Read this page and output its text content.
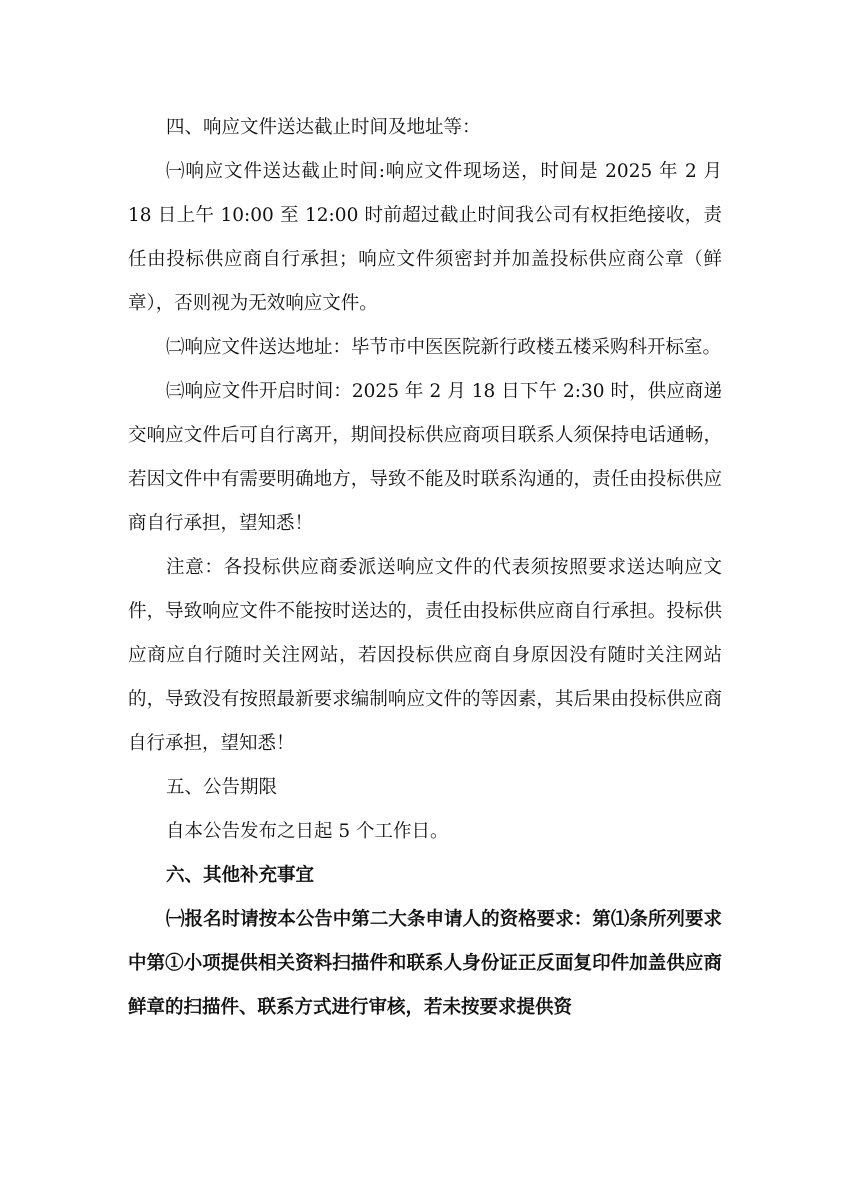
四、响应文件送达截止时间及地址等：

㈠响应文件送达截止时间:响应文件现场送，时间是 2025 年 2 月 18 日上午 10:00 至 12:00 时前超过截止时间我公司有权拒绝接收，责任由投标供应商自行承担；响应文件须密封并加盖投标供应商公章（鲜章），否则视为无效响应文件。

㈡响应文件送达地址：毕节市中医医院新行政楼五楼采购科开标室。

㈢响应文件开启时间：2025 年 2 月 18 日下午 2:30 时，供应商递交响应文件后可自行离开，期间投标供应商项目联系人须保持电话通畅，若因文件中有需要明确地方，导致不能及时联系沟通的，责任由投标供应商自行承担，望知悉！

注意：各投标供应商委派送响应文件的代表须按照要求送达响应文件，导致响应文件不能按时送达的，责任由投标供应商自行承担。投标供应商应自行随时关注网站，若因投标供应商自身原因没有随时关注网站的，导致没有按照最新要求编制响应文件的等因素，其后果由投标供应商自行承担，望知悉！

五、公告期限

自本公告发布之日起 5 个工作日。

六、其他补充事宜

㈠报名时请按本公告中第二大条申请人的资格要求：第⑴条所列要求中第①小项提供相关资料扫描件和联系人身份证正反面复印件加盖供应商鲜章的扫描件、联系方式进行审核，若未按要求提供资
